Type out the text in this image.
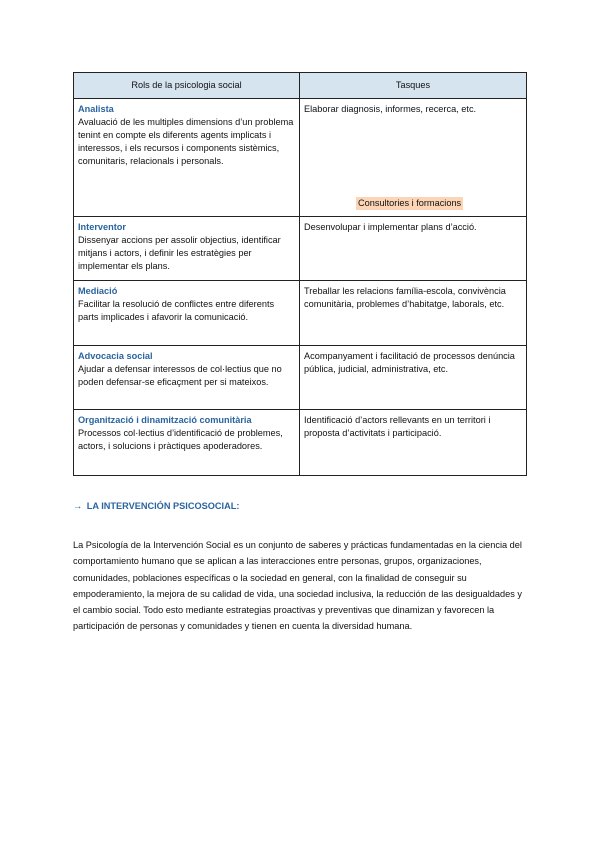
Rols de la psicologia social	Tasques

Analista
Avaluació de les multiples dimensions d’un problema tenint en compte els diferents agents implicats i interessos, i els recursos i components sistèmics, comunitaris, relacionals i personals.	Elaborar diagnosis, informes, recerca, etc.
Consultories i formacions

Interventor
Dissenyar accions per assolir objectius, identificar mitjans i actors, i definir les estratègies per implementar els plans.	Desenvolupar i implementar plans d’acció.

Mediació
Facilitar la resolució de conflictes entre diferents parts implicades i afavorir la comunicació.	Treballar les relacions família-escola, convivència comunitària, problemes d’habitatge, laborals, etc.

Advocacia social
Ajudar a defensar interessos de col·lectius que no poden defensar-se eficaçment per si mateixos.	Acompanyament i facilitació de processos denúncia pública, judicial, administrativa, etc.

Organització i dinamització comunitària
Processos col·lectius d’identificació de problemes, actors, i solucions i pràctiques apoderadores.	Identificació d’actors rellevants en un territori i proposta d’activitats i participació.
→ LA INTERVENCIÓN PSICOSOCIAL:

La Psicología de la Intervención Social es un conjunto de saberes y prácticas fundamentadas en la ciencia del comportamiento humano que se aplican a las interacciones entre personas, grupos, organizaciones, comunidades, poblaciones específicas o la sociedad en general, con la finalidad de conseguir su empoderamiento, la mejora de su calidad de vida, una sociedad inclusiva, la reducción de las desigualdades y el cambio social. Todo esto mediante estrategias proactivas y preventivas que dinamizan y favorecen la participación de personas y comunidades y tienen en cuenta la diversidad humana.
